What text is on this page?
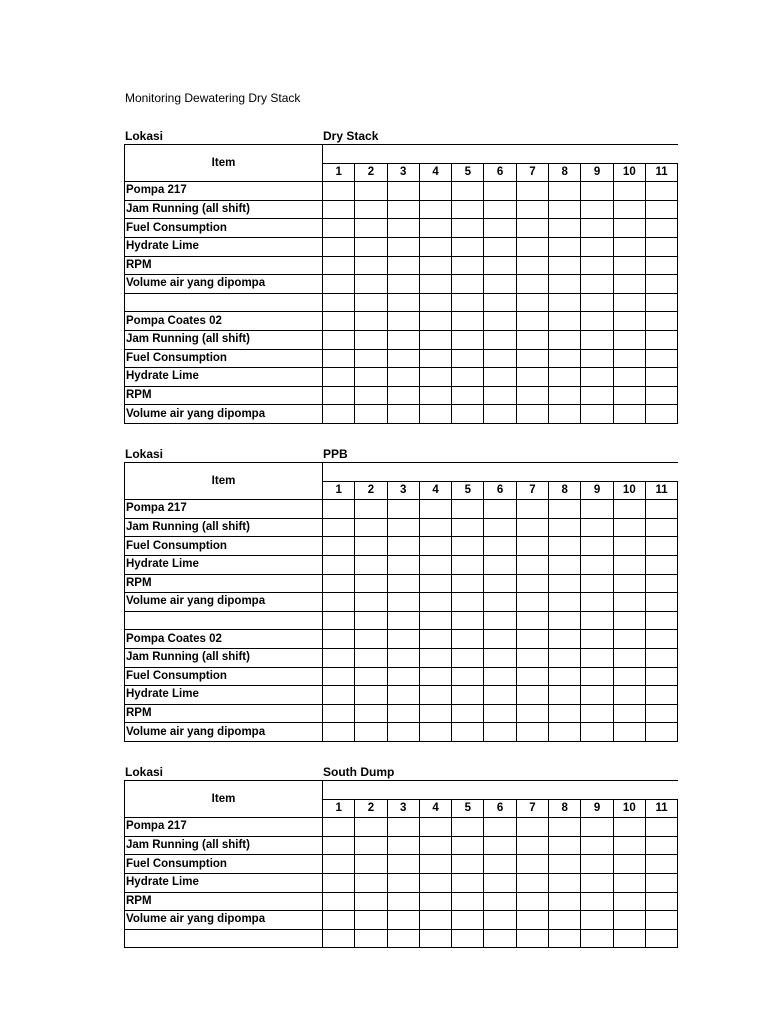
Monitoring Dewatering Dry Stack
Lokasi	Dry Stack
Item											
	1	2	3	4	5	6	7	8	9	10	11
Pompa 217											
Jam Running (all shift)											
Fuel Consumption											
Hydrate Lime											
RPM											
Volume air yang dipompa											

Pompa Coates 02											
Jam Running (all shift)											
Fuel Consumption											
Hydrate Lime											
RPM											
Volume air yang dipompa											
Lokasi	PPB
Item											
	1	2	3	4	5	6	7	8	9	10	11
Pompa 217											
Jam Running (all shift)											
Fuel Consumption											
Hydrate Lime											
RPM											
Volume air yang dipompa											

Pompa Coates 02											
Jam Running (all shift)											
Fuel Consumption											
Hydrate Lime											
RPM											
Volume air yang dipompa											
Lokasi	South Dump
Item											
	1	2	3	4	5	6	7	8	9	10	11
Pompa 217											
Jam Running (all shift)											
Fuel Consumption											
Hydrate Lime											
RPM											
Volume air yang dipompa											
